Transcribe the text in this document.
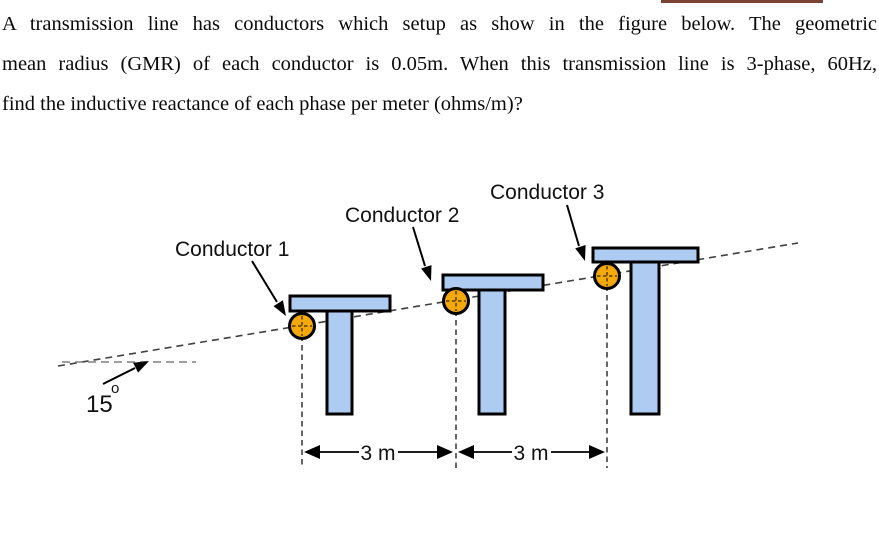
A transmission line has conductors which setup as show in the figure below. The geometric
mean radius (GMR) of each conductor is 0.05m. When this transmission line is 3-phase, 60Hz,
find the inductive reactance of each phase per meter (ohms/m)?
Conductor 1
Conductor 2
Conductor 3
15
o
3 m	3 m
